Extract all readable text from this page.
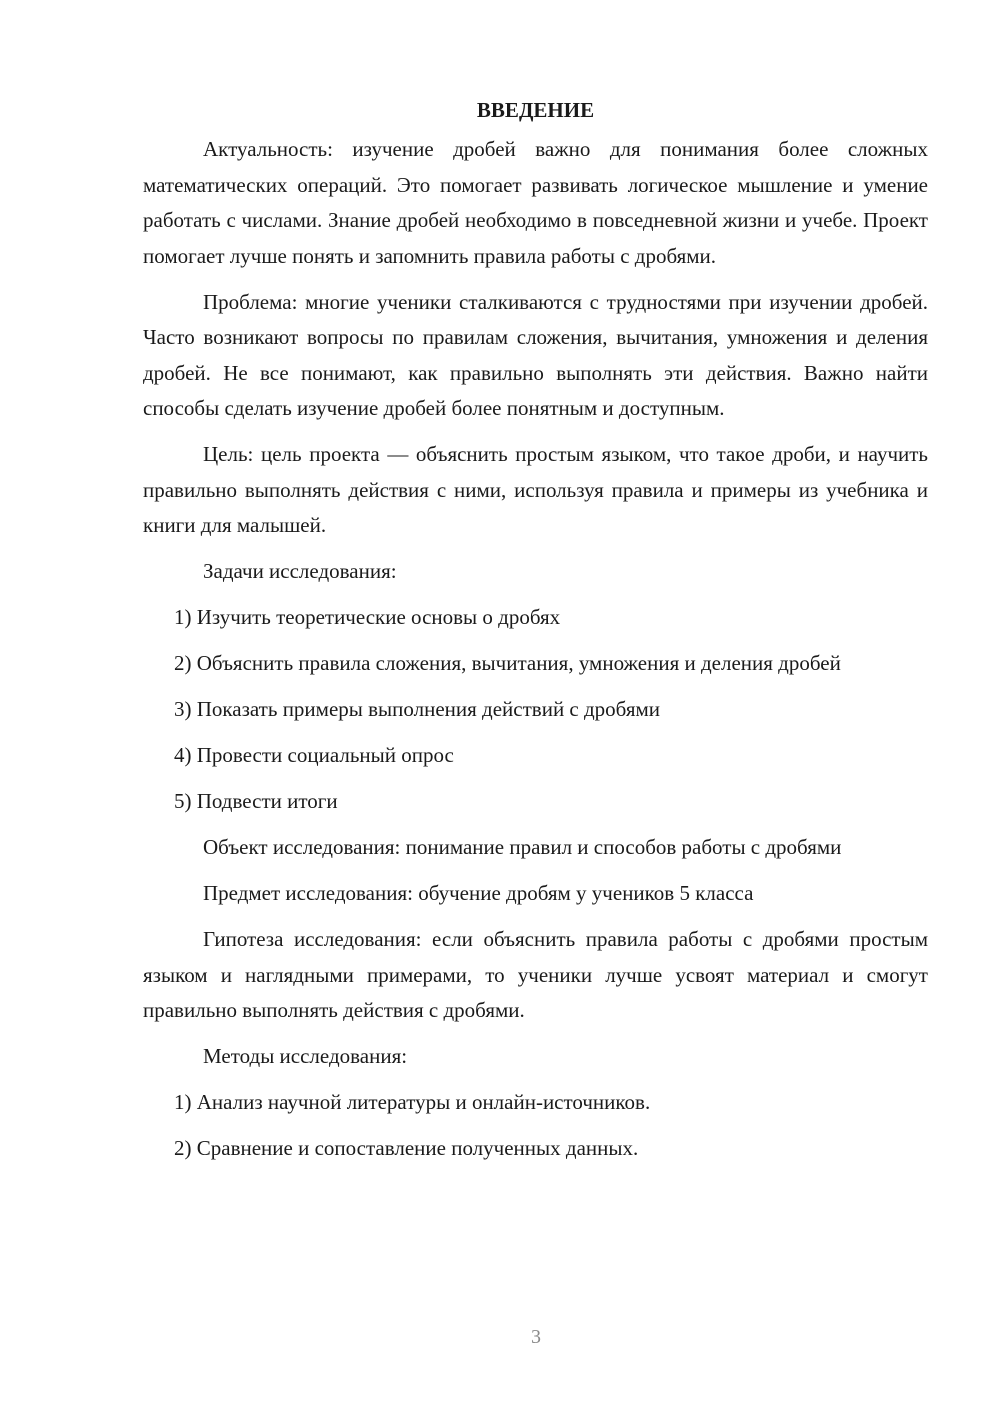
ВВЕДЕНИЕ

Актуальность: изучение дробей важно для понимания более сложных математических операций. Это помогает развивать логическое мышление и умение работать с числами. Знание дробей необходимо в повседневной жизни и учебе. Проект помогает лучше понять и запомнить правила работы с дробями.

Проблема: многие ученики сталкиваются с трудностями при изучении дробей. Часто возникают вопросы по правилам сложения, вычитания, умножения и деления дробей. Не все понимают, как правильно выполнять эти действия. Важно найти способы сделать изучение дробей более понятным и доступным.

Цель: цель проекта — объяснить простым языком, что такое дроби, и научить правильно выполнять действия с ними, используя правила и примеры из учебника и книги для малышей.

Задачи исследования:

1) Изучить теоретические основы о дробях

2) Объяснить правила сложения, вычитания, умножения и деления дробей

3) Показать примеры выполнения действий с дробями

4) Провести социальный опрос

5) Подвести итоги

Объект исследования: понимание правил и способов работы с дробями

Предмет исследования: обучение дробям у учеников 5 класса

Гипотеза исследования: если объяснить правила работы с дробями простым языком и наглядными примерами, то ученики лучше усвоят материал и смогут правильно выполнять действия с дробями.

Методы исследования:

1) Анализ научной литературы и онлайн-источников.

2) Сравнение и сопоставление полученных данных.

3
